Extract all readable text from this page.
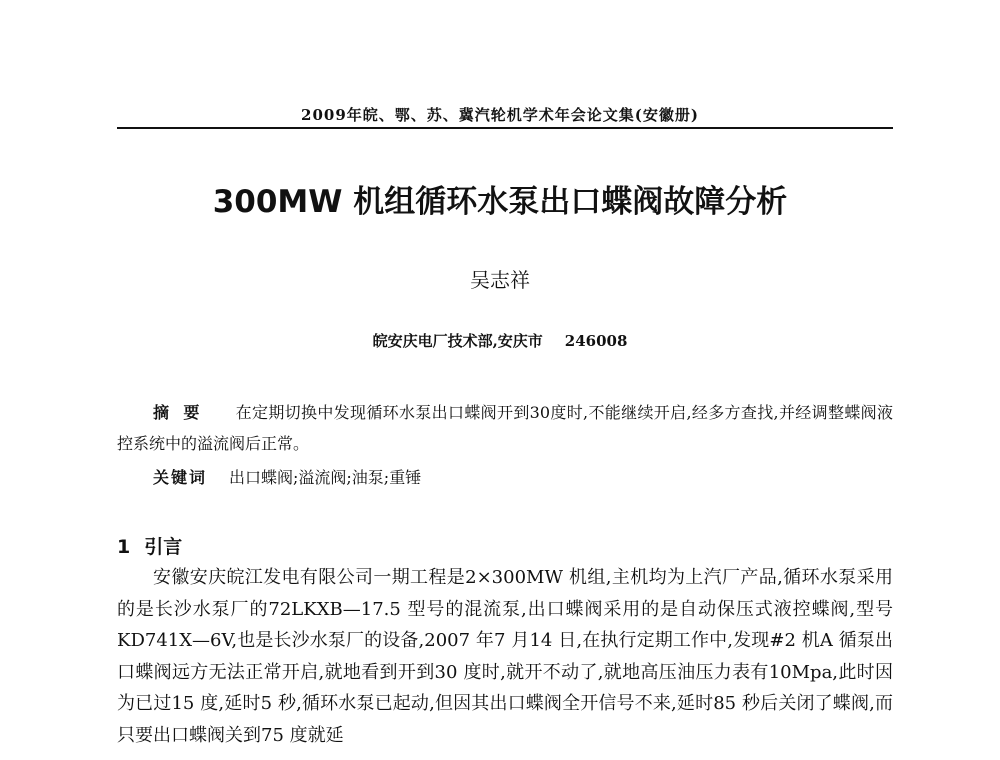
2009年皖、鄂、苏、冀汽轮机学术年会论文集(安徽册)
300MW 机组循环水泵出口蝶阀故障分析
吴志祥
皖安庆电厂技术部,安庆市 246008
摘要 在定期切换中发现循环水泵出口蝶阀开到30度时,不能继续开启,经多方查找,并经调整蝶阀液控系统中的溢流阀后正常。
关键词 出口蝶阀;溢流阀;油泵;重锤
1 引言
安徽安庆皖江发电有限公司一期工程是2×300MW 机组,主机均为上汽厂产品,循环水泵采用的是长沙水泵厂的72LKXB—17.5 型号的混流泵,出口蝶阀采用的是自动保压式液控蝶阀,型号KD741X—6V,也是长沙水泵厂的设备,2007 年7 月14 日,在执行定期工作中,发现#2 机A 循泵出口蝶阀远方无法正常开启,就地看到开到30 度时,就开不动了,就地高压油压力表有10Mpa,此时因为已过15 度,延时5 秒,循环水泵已起动,但因其出口蝶阀全开信号不来,延时85 秒后关闭了蝶阀,而只要出口蝶阀关到75 度就延
